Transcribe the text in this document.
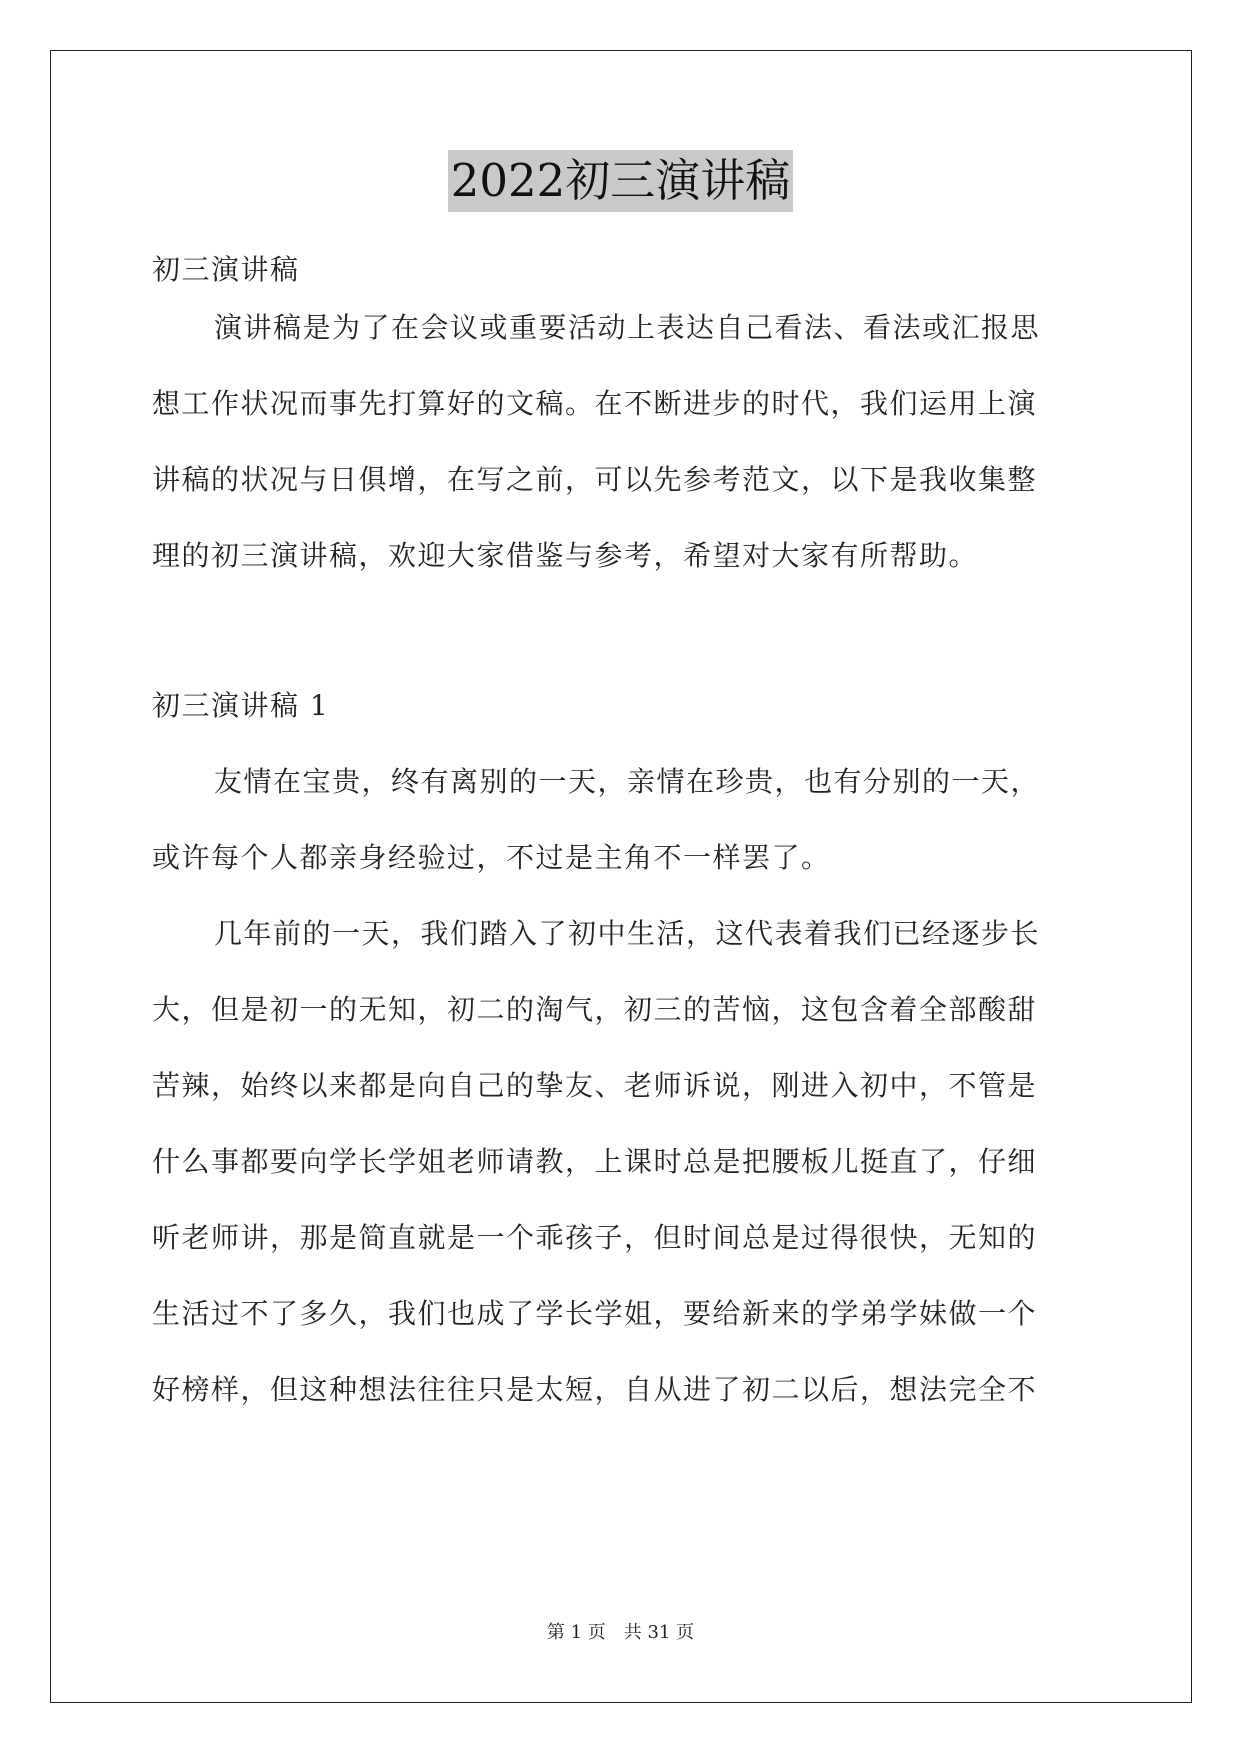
2022初三演讲稿
初三演讲稿
演讲稿是为了在会议或重要活动上表达自己看法、看法或汇报思
想工作状况而事先打算好的文稿。在不断进步的时代，我们运用上演
讲稿的状况与日俱增，在写之前，可以先参考范文，以下是我收集整
理的初三演讲稿，欢迎大家借鉴与参考，希望对大家有所帮助。
初三演讲稿 1
友情在宝贵，终有离别的一天，亲情在珍贵，也有分别的一天，
或许每个人都亲身经验过，不过是主角不一样罢了。
几年前的一天，我们踏入了初中生活，这代表着我们已经逐步长
大，但是初一的无知，初二的淘气，初三的苦恼，这包含着全部酸甜
苦辣，始终以来都是向自己的挚友、老师诉说，刚进入初中，不管是
什么事都要向学长学姐老师请教，上课时总是把腰板儿挺直了，仔细
听老师讲，那是简直就是一个乖孩子，但时间总是过得很快，无知的
生活过不了多久，我们也成了学长学姐，要给新来的学弟学妹做一个
好榜样，但这种想法往往只是太短，自从进了初二以后，想法完全不
第 1 页　共 31 页
